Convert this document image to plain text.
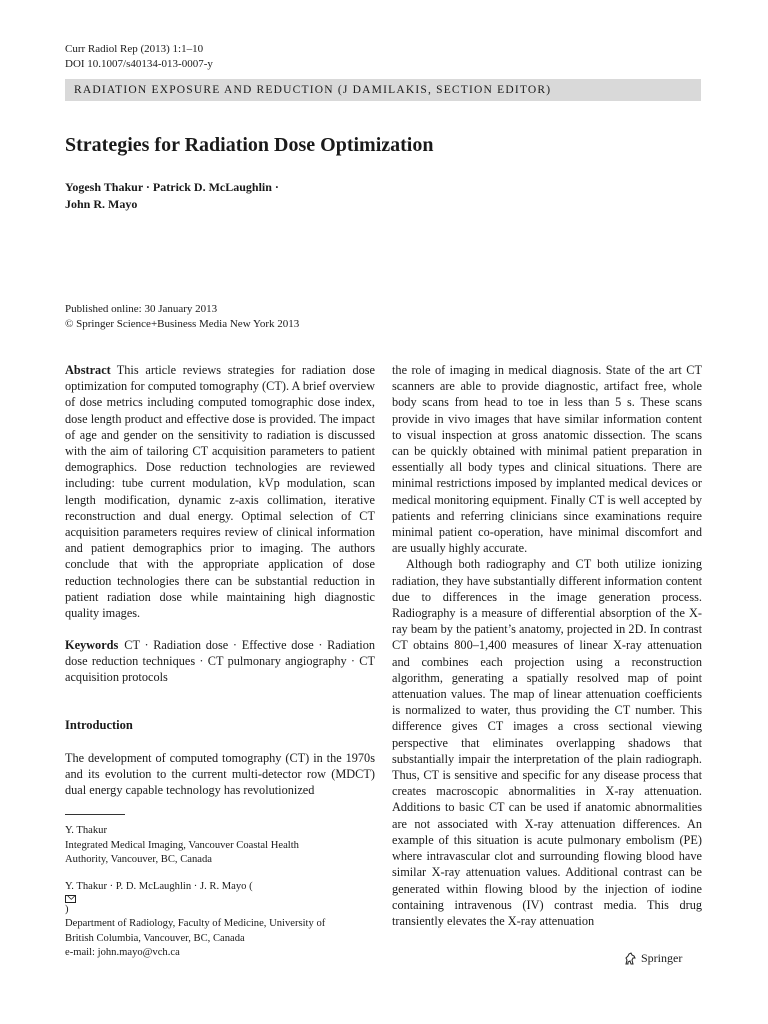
Curr Radiol Rep (2013) 1:1–10
DOI 10.1007/s40134-013-0007-y
RADIATION EXPOSURE AND REDUCTION (J DAMILAKIS, SECTION EDITOR)
Strategies for Radiation Dose Optimization
Yogesh Thakur · Patrick D. McLaughlin ·
John R. Mayo
Published online: 30 January 2013
© Springer Science+Business Media New York 2013
Abstract This article reviews strategies for radiation dose optimization for computed tomography (CT). A brief overview of dose metrics including computed tomographic dose index, dose length product and effective dose is provided. The impact of age and gender on the sensitivity to radiation is discussed with the aim of tailoring CT acquisition parameters to patient demographics. Dose reduction technologies are reviewed including: tube current modulation, kVp modulation, scan length modification, dynamic z-axis collimation, iterative reconstruction and dual energy. Optimal selection of CT acquisition parameters requires review of clinical information and patient demographics prior to imaging. The authors conclude that with the appropriate application of dose reduction technologies there can be substantial reduction in patient radiation dose while maintaining high diagnostic quality images.
Keywords CT · Radiation dose · Effective dose · Radiation dose reduction techniques · CT pulmonary angiography · CT acquisition protocols
Introduction
The development of computed tomography (CT) in the 1970s and its evolution to the current multi-detector row (MDCT) dual energy capable technology has revolutionized
Y. Thakur
Integrated Medical Imaging, Vancouver Coastal Health
Authority, Vancouver, BC, Canada
Y. Thakur · P. D. McLaughlin · J. R. Mayo (
)
Department of Radiology, Faculty of Medicine, University of
British Columbia, Vancouver, BC, Canada
e-mail: john.mayo@vch.ca
the role of imaging in medical diagnosis. State of the art CT scanners are able to provide diagnostic, artifact free, whole body scans from head to toe in less than 5 s. These scans provide in vivo images that have similar information content to visual inspection at gross anatomic dissection. The scans can be quickly obtained with minimal patient preparation in essentially all body types and clinical situations. There are minimal restrictions imposed by implanted medical devices or medical monitoring equipment. Finally CT is well accepted by patients and referring clinicians since examinations require minimal patient co-operation, have minimal discomfort and are usually highly accurate.
Although both radiography and CT both utilize ionizing radiation, they have substantially different information content due to differences in the image generation process. Radiography is a measure of differential absorption of the X-ray beam by the patient’s anatomy, projected in 2D. In contrast CT obtains 800–1,400 measures of linear X-ray attenuation and combines each projection using a reconstruction algorithm, generating a spatially resolved map of point attenuation values. The map of linear attenuation coefficients is normalized to water, thus providing the CT number. This difference gives CT images a cross sectional viewing perspective that eliminates overlapping shadows that substantially impair the interpretation of the plain radiograph. Thus, CT is sensitive and specific for any disease process that creates macroscopic abnormalities in X-ray attenuation. Additions to basic CT can be used if anatomic abnormalities are not associated with X-ray attenuation differences. An example of this situation is acute pulmonary embolism (PE) where intravascular clot and surrounding flowing blood have similar X-ray attenuation values. Additional contrast can be generated within flowing blood by the injection of iodine containing intravenous (IV) contrast media. This drug transiently elevates the X-ray attenuation
Springer
